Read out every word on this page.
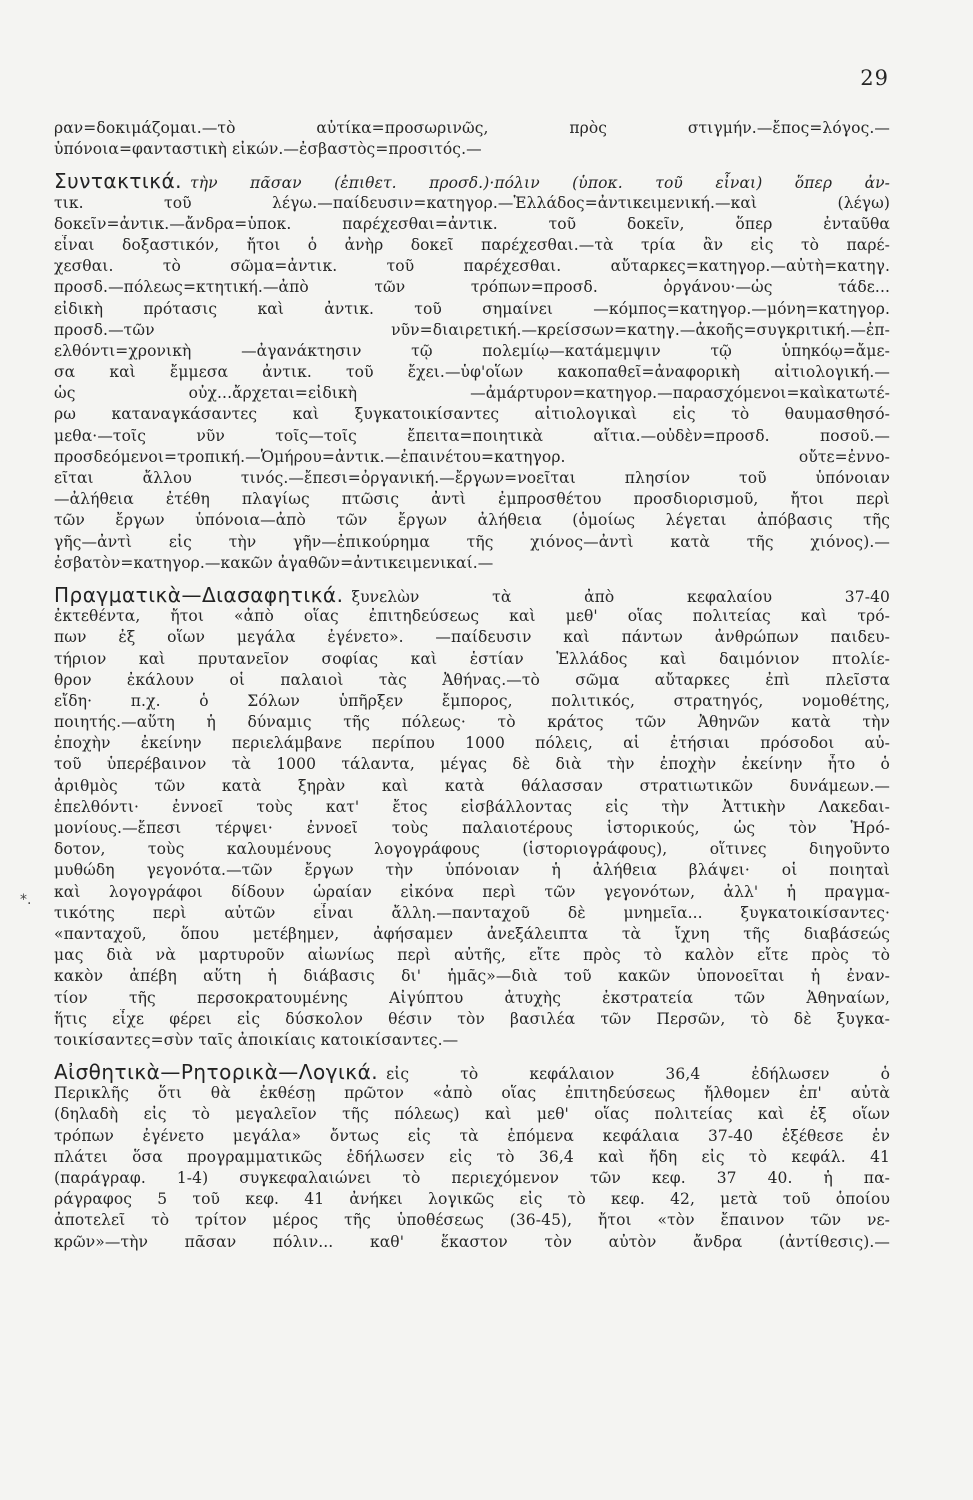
29
*.
ραν=δοκιμάζομαι.—τὸ αὐτίκα=προσωρινῶς, πρὸς στιγμήν.—ἔπος=λόγος.—
ὑπόνοια=φανταστικὴ εἰκών.—ἐσβαστὸς=προσιτός.—
Συντακτικά. τὴν πᾶσαν (ἐπιθετ. προσδ.)·πόλιν (ὑποκ. τοῦ εἶναι) ὅπερ ἀν-
τικ. τοῦ λέγω.—παίδευσιν=κατηγορ.—Ἑλλάδος=ἀντικειμενική.—καὶ (λέγω)
δοκεῖν=ἀντικ.—ἄνδρα=ὑποκ. παρέχεσθαι=ἀντικ. τοῦ δοκεῖν, ὅπερ ἐνταῦθα
εἶναι δοξαστικόν, ἤτοι ὁ ἀνὴρ δοκεῖ παρέχεσθαι.—τὰ τρία ἂν εἰς τὸ παρέ-
χεσθαι. τὸ σῶμα=ἀντικ. τοῦ παρέχεσθαι. αὔταρκες=κατηγορ.—αὐτὴ=κατηγ.
προσδ.—πόλεως=κτητική.—ἀπὸ τῶν τρόπων=προσδ. ὀργάνου·—ὡς τάδε...
εἰδικὴ πρότασις καὶ ἀντικ. τοῦ σημαίνει —κόμπος=κατηγορ.—μόνη=κατηγορ.
προσδ.—τῶν νῦν=διαιρετική.—κρείσσων=κατηγ.—ἀκοῆς=συγκριτική.—ἐπ-
ελθόντι=χρονικὴ —ἀγανάκτησιν τῷ πολεμίῳ—κατάμεμψιν τῷ ὑπηκόῳ=ἄμε-
σα καὶ ἔμμεσα ἀντικ. τοῦ ἔχει.—ὑφ'οἵων κακοπαθεῖ=ἀναφορικὴ αἰτιολογική.—
ὡς οὐχ...ἄρχεται=εἰδικὴ —ἀμάρτυρον=κατηγορ.—παρασχόμενοι=καὶκατωτέ-
ρω καταναγκάσαντες καὶ ξυγκατοικίσαντες αἰτιολογικαὶ εἰς τὸ θαυμασθησό-
μεθα·—τοῖς νῦν τοῖς—τοῖς ἔπειτα=ποιητικὰ αἴτια.—οὐδὲν=προσδ. ποσοῦ.—
προσδεόμενοι=τροπική.—Ὁμήρου=ἀντικ.—ἐπαινέτου=κατηγορ. οὔτε=ἐννο-
εῖται ἄλλου τινός.—ἔπεσι=ὀργανική.—ἔργων=νοεῖται πλησίον τοῦ ὑπόνοιαν
—ἀλήθεια ἐτέθη πλαγίως πτῶσις ἀντὶ ἐμπροσθέτου προσδιορισμοῦ, ἤτοι περὶ
τῶν ἔργων ὑπόνοια—ἀπὸ τῶν ἔργων ἀλήθεια (ὁμοίως λέγεται ἀπόβασις τῆς
γῆς—ἀντὶ εἰς τὴν γῆν—ἐπικούρημα τῆς χιόνος—ἀντὶ κατὰ τῆς χιόνος).—
ἐσβατὸν=κατηγορ.—κακῶν ἀγαθῶν=ἀντικειμενικαί.—
Πραγματικὰ—Διασαφητικά. ξυνελὼν τὰ ἀπὸ κεφαλαίου 37-40
ἐκτεθέντα, ἤτοι «ἀπὸ οἵας ἐπιτηδεύσεως καὶ μεθ' οἵας πολιτείας καὶ τρό-
πων ἐξ οἵων μεγάλα ἐγένετο». —παίδευσιν καὶ πάντων ἀνθρώπων παιδευ-
τήριον καὶ πρυτανεῖον σοφίας καὶ ἑστίαν Ἑλλάδος καὶ δαιμόνιον πτολίε-
θρον ἐκάλουν οἱ παλαιοὶ τὰς Ἀθήνας.—τὸ σῶμα αὔταρκες ἐπὶ πλεῖστα
εἴδη· π.χ. ὁ Σόλων ὑπῆρξεν ἔμπορος, πολιτικός, στρατηγός, νομοθέτης,
ποιητής.—αὕτη ἡ δύναμις τῆς πόλεως· τὸ κράτος τῶν Ἀθηνῶν κατὰ τὴν
ἐποχὴν ἐκείνην περιελάμβανε περίπου 1000 πόλεις, αἱ ἐτήσιαι πρόσοδοι αὐ-
τοῦ ὑπερέβαινον τὰ 1000 τάλαντα, μέγας δὲ διὰ τὴν ἐποχὴν ἐκείνην ἦτο ὁ
ἀριθμὸς τῶν κατὰ ξηρὰν καὶ κατὰ θάλασσαν στρατιωτικῶν δυνάμεων.—
ἐπελθόντι· ἐννοεῖ τοὺς κατ' ἔτος εἰσβάλλοντας εἰς τὴν Ἀττικὴν Λακεδαι-
μονίους.—ἔπεσι τέρψει· ἐννοεῖ τοὺς παλαιοτέρους ἱστορικούς, ὡς τὸν Ἡρό-
δοτον, τοὺς καλουμένους λογογράφους (ἱστοριογράφους), οἵτινες διηγοῦντο
μυθώδη γεγονότα.—τῶν ἔργων τὴν ὑπόνοιαν ἡ ἀλήθεια βλάψει· οἱ ποιηταὶ
καὶ λογογράφοι δίδουν ὡραίαν εἰκόνα περὶ τῶν γεγονότων, ἀλλ' ἡ πραγμα-
τικότης περὶ αὐτῶν εἶναι ἄλλη.—πανταχοῦ δὲ μνημεῖα... ξυγκατοικίσαντες·
«πανταχοῦ, ὅπου μετέβημεν, ἀφήσαμεν ἀνεξάλειπτα τὰ ἴχνη τῆς διαβάσεώς
μας διὰ νὰ μαρτυροῦν αἰωνίως περὶ αὐτῆς, εἴτε πρὸς τὸ καλὸν εἴτε πρὸς τὸ
κακὸν ἀπέβη αὕτη ἡ διάβασις δι' ἡμᾶς»—διὰ τοῦ κακῶν ὑπονοεῖται ἡ ἐναν-
τίον τῆς περσοκρατουμένης Αἰγύπτου ἀτυχὴς ἐκστρατεία τῶν Ἀθηναίων,
ἥτις εἶχε φέρει εἰς δύσκολον θέσιν τὸν βασιλέα τῶν Περσῶν, τὸ δὲ ξυγκα-
τοικίσαντες=σὺν ταῖς ἀποικίαις κατοικίσαντες.—
Αἰσθητικὰ—Ρητορικὰ—Λογικά. εἰς τὸ κεφάλαιον 36,4 ἐδήλωσεν ὁ
Περικλῆς ὅτι θὰ ἐκθέσῃ πρῶτον «ἀπὸ οἵας ἐπιτηδεύσεως ἤλθομεν ἐπ' αὐτὰ
(δηλαδὴ εἰς τὸ μεγαλεῖον τῆς πόλεως) καὶ μεθ' οἵας πολιτείας καὶ ἐξ οἵων
τρόπων ἐγένετο μεγάλα» ὄντως εἰς τὰ ἑπόμενα κεφάλαια 37-40 ἐξέθεσε ἐν
πλάτει ὅσα προγραμματικῶς ἐδήλωσεν εἰς τὸ 36,4 καὶ ἤδη εἰς τὸ κεφάλ. 41
(παράγραφ. 1-4) συγκεφαλαιώνει τὸ περιεχόμενον τῶν κεφ. 37 40. ἡ πα-
ράγραφος 5 τοῦ κεφ. 41 ἀνήκει λογικῶς εἰς τὸ κεφ. 42, μετὰ τοῦ ὁποίου
ἀποτελεῖ τὸ τρίτον μέρος τῆς ὑποθέσεως (36-45), ἤτοι «τὸν ἔπαινον τῶν νε-
κρῶν»—τὴν πᾶσαν πόλιν... καθ' ἕκαστον τὸν αὐτὸν ἄνδρα (ἀντίθεσις).—
